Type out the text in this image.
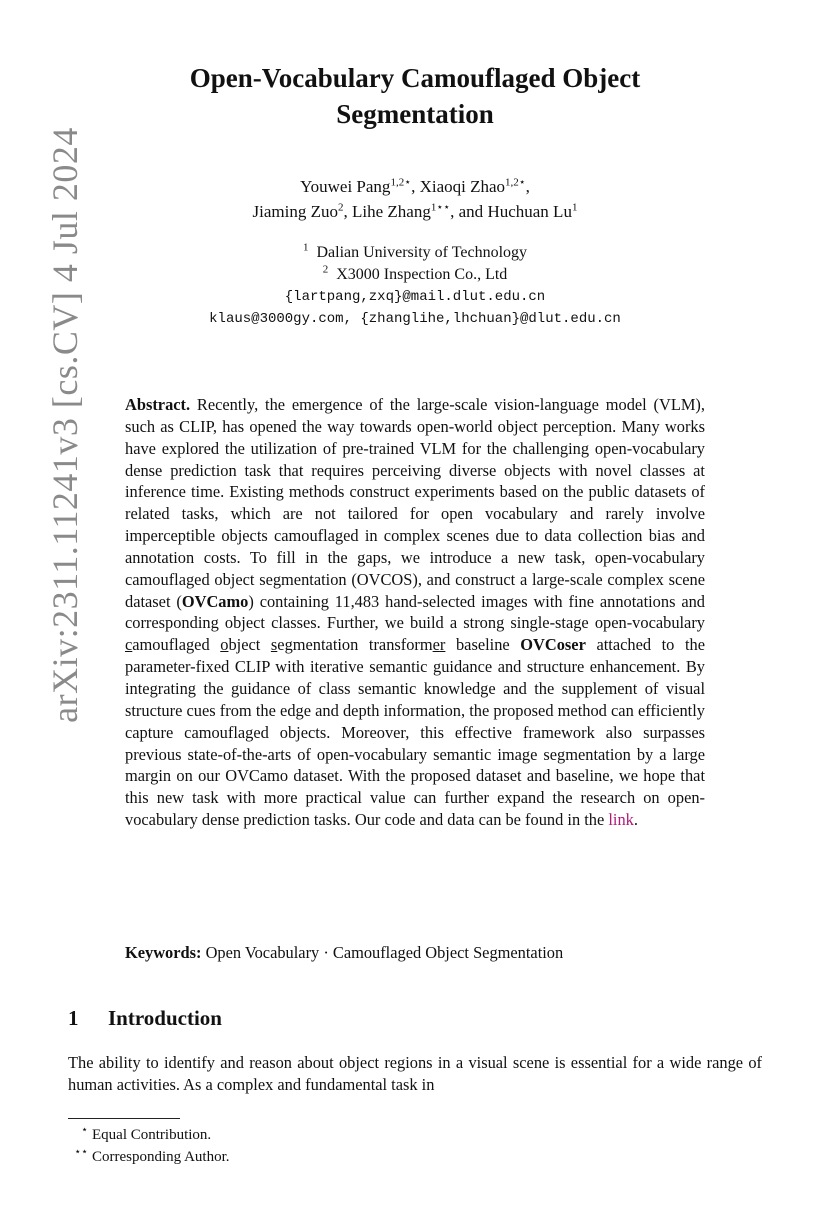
arXiv:2311.11241v3 [cs.CV] 4 Jul 2024
Open-Vocabulary Camouflaged Object Segmentation
Youwei Pang$^{1,2⋆}$, Xiaoqi Zhao$^{1,2⋆}$,
Jiaming Zuo$^2$, Lihe Zhang$^{1⋆⋆}$, and Huchuan Lu$^1$
$^1$ Dalian University of Technology
$^2$ X3000 Inspection Co., Ltd
{lartpang,zxq}@mail.dlut.edu.cn
klaus@3000gy.com, {zhanglihe,lhchuan}@dlut.edu.cn
Abstract. Recently, the emergence of the large-scale vision-language model (VLM), such as CLIP, has opened the way towards open-world object perception. Many works have explored the utilization of pre-trained VLM for the challenging open-vocabulary dense prediction task that requires perceiving diverse objects with novel classes at inference time. Existing methods construct experiments based on the public datasets of related tasks, which are not tailored for open vocabulary and rarely involve imperceptible objects camouflaged in complex scenes due to data collection bias and annotation costs. To fill in the gaps, we introduce a new task, open-vocabulary camouflaged object segmentation (OVCOS), and construct a large-scale complex scene dataset (OVCamo) containing 11,483 hand-selected images with fine annotations and corresponding object classes. Further, we build a strong single-stage open-vocabulary camouflaged object segmentation transformer baseline OVCoser attached to the parameter-fixed CLIP with iterative semantic guidance and structure enhancement. By integrating the guidance of class semantic knowledge and the supplement of visual structure cues from the edge and depth information, the proposed method can efficiently capture camouflaged objects. Moreover, this effective framework also surpasses previous state-of-the-arts of open-vocabulary semantic image segmentation by a large margin on our OVCamo dataset. With the proposed dataset and baseline, we hope that this new task with more practical value can further expand the research on open-vocabulary dense prediction tasks. Our code and data can be found in the link.
Keywords: Open Vocabulary · Camouflaged Object Segmentation
1 Introduction
The ability to identify and reason about object regions in a visual scene is essential for a wide range of human activities. As a complex and fundamental task in
⋆ Equal Contribution.
⋆⋆ Corresponding Author.
